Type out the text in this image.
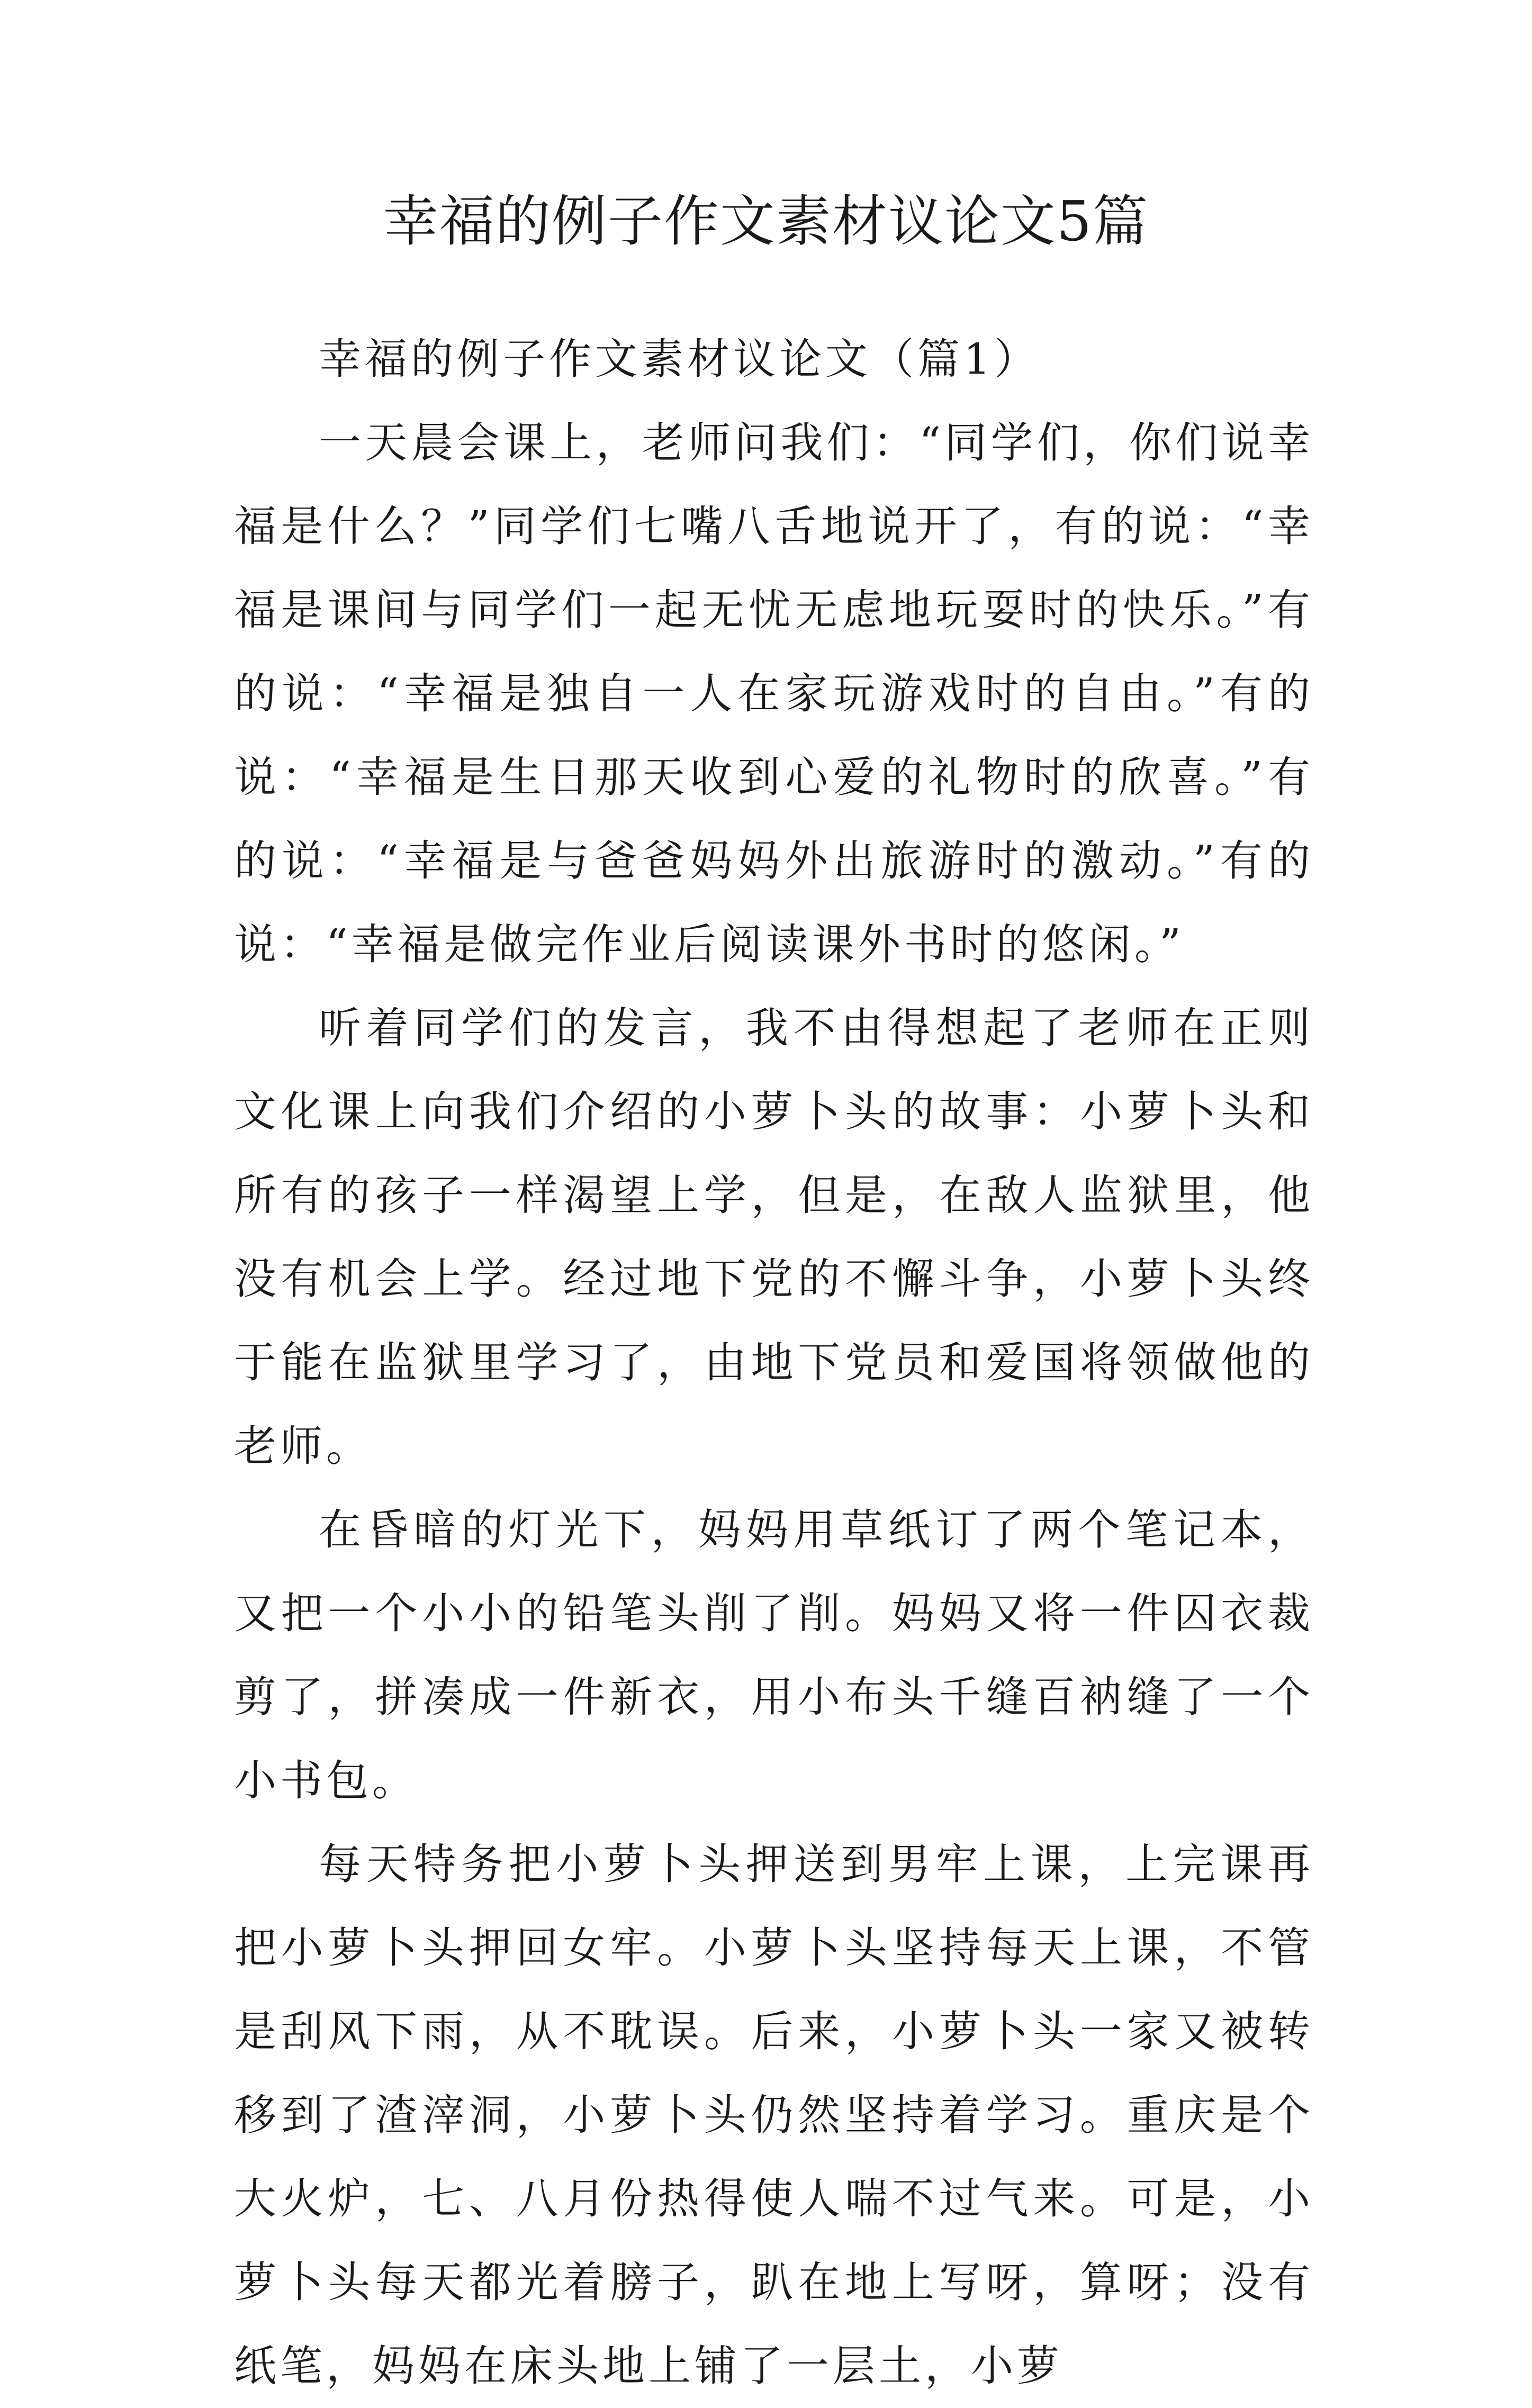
幸福的例子作文素材议论文5篇

幸福的例子作文素材议论文（篇1）

一天晨会课上，老师问我们：“同学们，你们说幸福是什么？”同学们七嘴八舌地说开了，有的说：“幸福是课间与同学们一起无忧无虑地玩耍时的快乐。”有的说：“幸福是独自一人在家玩游戏时的自由。”有的说：“幸福是生日那天收到心爱的礼物时的欣喜。”有的说：“幸福是与爸爸妈妈外出旅游时的激动。”有的说：“幸福是做完作业后阅读课外书时的悠闲。”

听着同学们的发言，我不由得想起了老师在正则文化课上向我们介绍的小萝卜头的故事：小萝卜头和所有的孩子一样渴望上学，但是，在敌人监狱里，他没有机会上学。经过地下党的不懈斗争，小萝卜头终于能在监狱里学习了，由地下党员和爱国将领做他的老师。

在昏暗的灯光下，妈妈用草纸订了两个笔记本，又把一个小小的铅笔头削了削。妈妈又将一件囚衣裁剪了，拼凑成一件新衣，用小布头千缝百衲缝了一个小书包。

每天特务把小萝卜头押送到男牢上课，上完课再把小萝卜头押回女牢。小萝卜头坚持每天上课，不管是刮风下雨，从不耽误。后来，小萝卜头一家又被转移到了渣滓洞，小萝卜头仍然坚持着学习。重庆是个大火炉，七、八月份热得使人喘不过气来。可是，小萝卜头每天都光着膀子，趴在地上写呀，算呀；没有纸笔，妈妈在床头地上铺了一层土，小萝
